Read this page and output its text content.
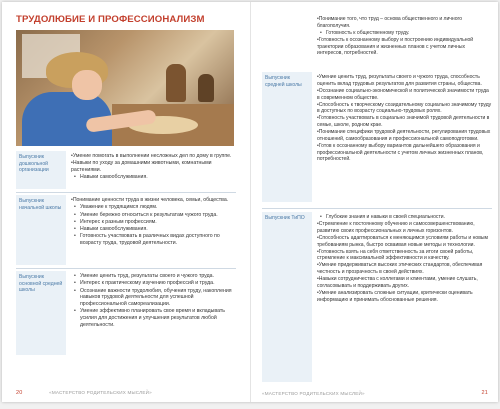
ТРУДОЛЮБИЕ И ПРОФЕССИОНАЛИЗМ
Выпускник дошкольной организации
•Умение помогать в выполнении несложных дел по дому в группе.
•Навыки по уходу за домашними животными, комнатными растениями.
• Навыки самообслуживания.
Выпускник начальной школы
•Понимание ценности труда в жизни человека, семьи, общества.
• Уважение к трудящимся людям.
• Умение бережно относиться к результатам чужого труда.
• Интерес к разным профессиям.
• Навыки самообслуживания.
• Готовность участвовать в различных видах доступного по возрасту труда, трудовой деятельности.
Выпускник основной средней школы
• Умение ценить труд, результаты своего и чужого труда.
• Интерес к практическому изучению профессий и труда.
• Осознание важности трудолюбия, обучения труду, накопления навыков трудовой деятельности для успешной профессиональной самореализации.
• Умение эффективно планировать свое время и вкладывать усилия для достижения и улучшения результатов любой деятельности.
20	«МАСТЕРСТВО РОДИТЕЛЬСКИХ МЫСЛЕЙ»
•Понимание того, что труд – основа общественного и личного благополучия.
• Готовность к общественному труду.
•Готовность к осознанному выбору и построению индивидуальной траектории образования и жизненных планов с учетом личных интересов, потребностей.
Выпускник средней школы
•Умение ценить труд, результаты своего и чужого труда, способность оценить вклад трудовых результатов для развития страны, общества.
•Осознание социально-экономической и политической значимости труда в современном обществе.
•Способность к творческому созидательному социально значимому труду в доступных по возрасту социально-трудовых ролях.
•Готовность участвовать в социально значимой трудовой деятельности в семье, школе, родном крае.
•Понимание специфики трудовой деятельности, регулирования трудовых отношений, самообразования и профессиональной самоподготовки.
•Готов к осознанному выбору вариантов дальнейшего образования и профессиональной деятельности с учетом личных жизненных планов, потребностей.
Выпускник ТиПО
•	Глубокие знания и навыки в своей специальности.
•Стремление к постоянному обучению и самосовершенствованию, развитию своих профессиональных и личных горизонтов.
•Способность адаптироваться к меняющимся условиям работы и новым требованиям рынка, быстро осваивая новые методы и технологии.
•Готовность взять на себя ответственность за итоги своей работы, стремление к максимальной эффективности и качеству.
•Умение придерживаться высоких этических стандартов, обеспечивая честность и прозрачность в своей действиях.
•Навыки сотрудничества с коллегами и клиентами, умение слушать, согласовывать и поддерживать других.
•Умение анализировать сложные ситуации, критически оценивать информацию и принимать обоснованные решения.
«МАСТЕРСТВО РОДИТЕЛЬСКИХ МЫСЛЕЙ»	21
